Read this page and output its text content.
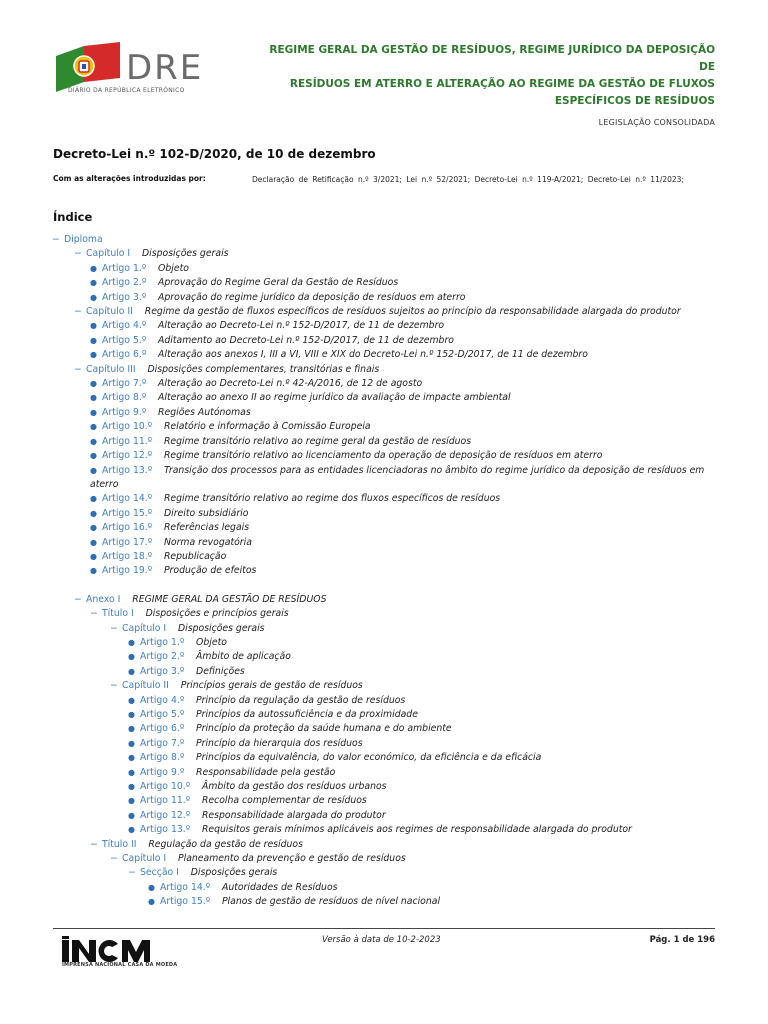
DRE
DIÁRIO DA REPÚBLICA ELETRÓNICO
REGIME GERAL DA GESTÃO DE RESÍDUOS, REGIME JURÍDICO DA DEPOSIÇÃO DE
RESÍDUOS EM ATERRO E ALTERAÇÃO AO REGIME DA GESTÃO DE FLUXOS
ESPECÍFICOS DE RESÍDUOS
LEGISLAÇÃO CONSOLIDADA
Decreto-Lei n.º 102-D/2020, de 10 de dezembro
Com as alterações introduzidas por:	Declaração de Retificação n.º 3/2021; Lei n.º 52/2021; Decreto-Lei n.º 119-A/2021; Decreto-Lei n.º 11/2023;
Índice
− Diploma
− Capítulo I Disposições gerais
● Artigo 1.º Objeto
● Artigo 2.º Aprovação do Regime Geral da Gestão de Resíduos
● Artigo 3.º Aprovação do regime jurídico da deposição de resíduos em aterro
− Capítulo II Regime da gestão de fluxos específicos de resíduos sujeitos ao princípio da responsabilidade alargada do produtor
● Artigo 4.º Alteração ao Decreto-Lei n.º 152-D/2017, de 11 de dezembro
● Artigo 5.º Aditamento ao Decreto-Lei n.º 152-D/2017, de 11 de dezembro
● Artigo 6.º Alteração aos anexos I, III a VI, VIII e XIX do Decreto-Lei n.º 152-D/2017, de 11 de dezembro
− Capítulo III Disposições complementares, transitórias e finais
● Artigo 7.º Alteração ao Decreto-Lei n.º 42-A/2016, de 12 de agosto
● Artigo 8.º Alteração ao anexo II ao regime jurídico da avaliação de impacte ambiental
● Artigo 9.º Regiões Autónomas
● Artigo 10.º Relatório e informação à Comissão Europeia
● Artigo 11.º Regime transitório relativo ao regime geral da gestão de resíduos
● Artigo 12.º Regime transitório relativo ao licenciamento da operação de deposição de resíduos em aterro
● Artigo 13.º Transição dos processos para as entidades licenciadoras no âmbito do regime jurídico da deposição de resíduos em aterro
● Artigo 14.º Regime transitório relativo ao regime dos fluxos específicos de resíduos
● Artigo 15.º Direito subsidiário
● Artigo 16.º Referências legais
● Artigo 17.º Norma revogatória
● Artigo 18.º Republicação
● Artigo 19.º Produção de efeitos
− Anexo I REGIME GERAL DA GESTÃO DE RESÍDUOS
− Título I Disposições e princípios gerais
− Capítulo I Disposições gerais
● Artigo 1.º Objeto
● Artigo 2.º Âmbito de aplicação
● Artigo 3.º Definições
− Capítulo II Princípios gerais de gestão de resíduos
● Artigo 4.º Princípio da regulação da gestão de resíduos
● Artigo 5.º Princípios da autossuficiência e da proximidade
● Artigo 6.º Princípio da proteção da saúde humana e do ambiente
● Artigo 7.º Princípio da hierarquia dos resíduos
● Artigo 8.º Princípios da equivalência, do valor económico, da eficiência e da eficácia
● Artigo 9.º Responsabilidade pela gestão
● Artigo 10.º Âmbito da gestão dos resíduos urbanos
● Artigo 11.º Recolha complementar de resíduos
● Artigo 12.º Responsabilidade alargada do produtor
● Artigo 13.º Requisitos gerais mínimos aplicáveis aos regimes de responsabilidade alargada do produtor
− Título II Regulação da gestão de resíduos
− Capítulo I Planeamento da prevenção e gestão de resíduos
− Secção I Disposições gerais
● Artigo 14.º Autoridades de Resíduos
● Artigo 15.º Planos de gestão de resíduos de nível nacional
IMPRENSA NACIONAL CASA DA MOEDA
Versão à data de 10-2-2023	Pág. 1 de 196
